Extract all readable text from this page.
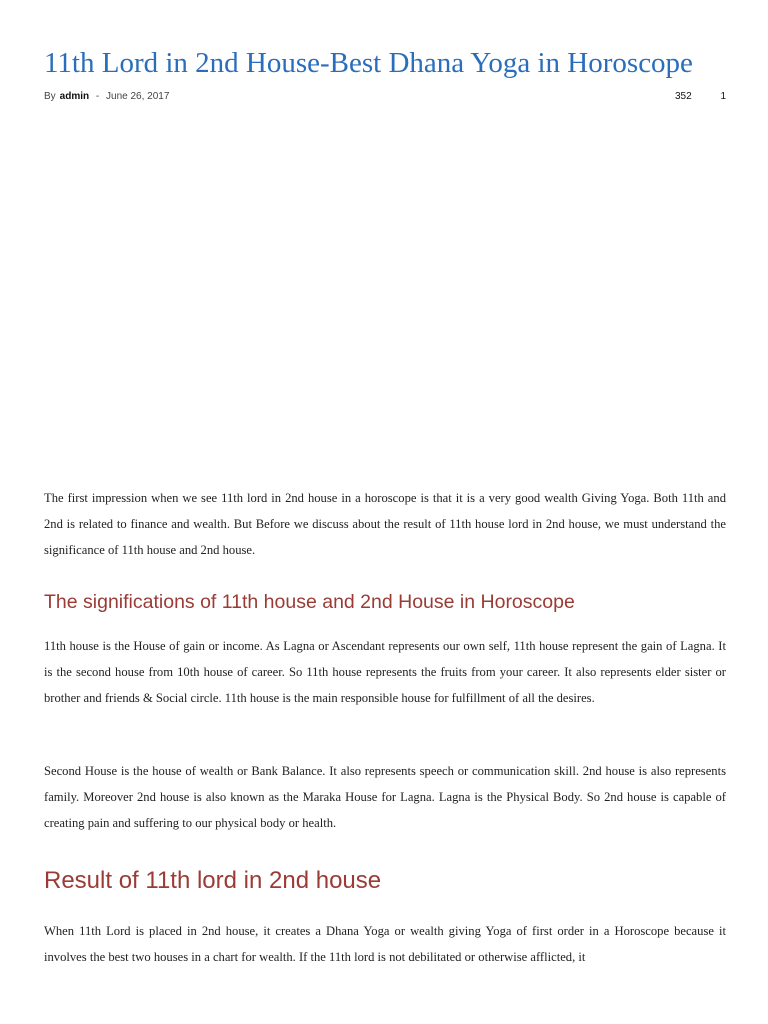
11th Lord in 2nd House-Best Dhana Yoga in Horoscope
By admin - June 26, 2017	352	1

The first impression when we see 11th lord in 2nd house in a horoscope is that it is a very good wealth Giving Yoga. Both 11th and 2nd is related to finance and wealth. But Before we discuss about the result of 11th house lord in 2nd house, we must understand the significance of 11th house and 2nd house.

The significations of 11th house and 2nd House in Horoscope

11th house is the House of gain or income. As Lagna or Ascendant represents our own self, 11th house represent the gain of Lagna. It is the second house from 10th house of career. So 11th house represents the fruits from your career. It also represents elder sister or brother and friends & Social circle. 11th house is the main responsible house for fulfillment of all the desires.

Second House is the house of wealth or Bank Balance. It also represents speech or communication skill. 2nd house is also represents family. Moreover 2nd house is also known as the Maraka House for Lagna. Lagna is the Physical Body. So 2nd house is capable of creating pain and suffering to our physical body or health.

Result of 11th lord in 2nd house

When 11th Lord is placed in 2nd house, it creates a Dhana Yoga or wealth giving Yoga of first order in a Horoscope because it involves the best two houses in a chart for wealth. If the 11th lord is not debilitated or otherwise afflicted, it
